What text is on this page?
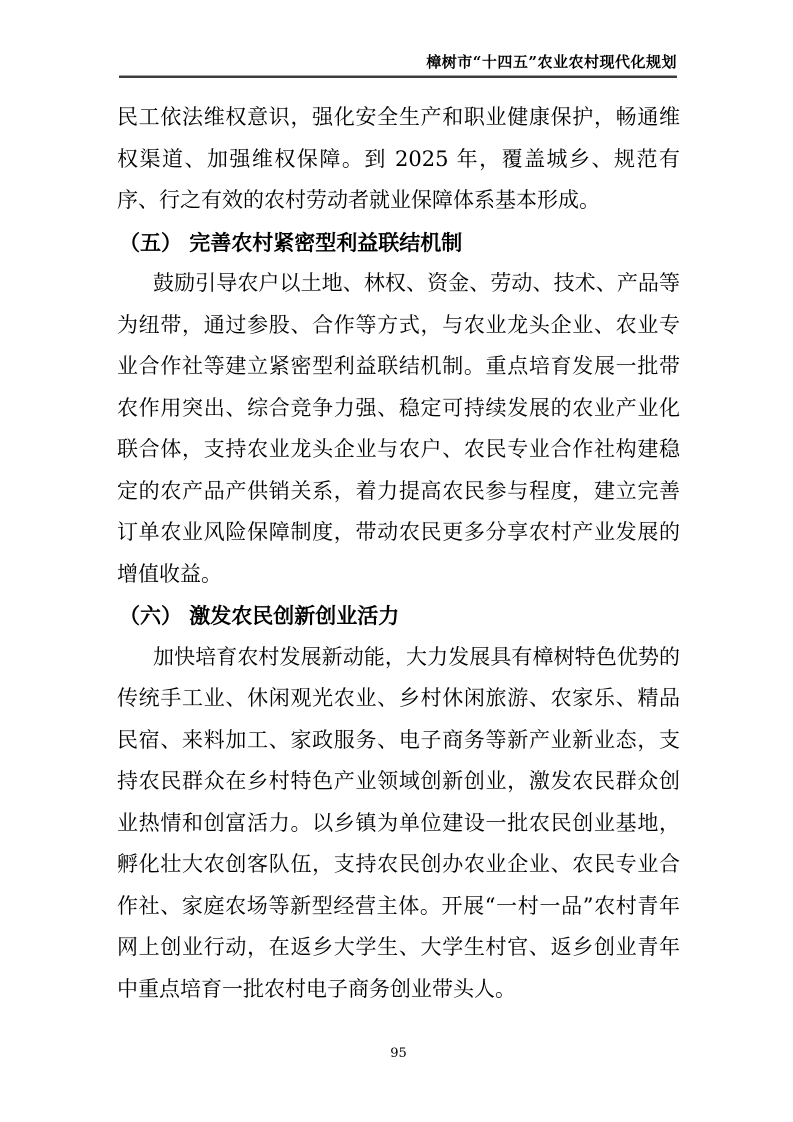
樟树市“十四五”农业农村现代化规划

民工依法维权意识，强化安全生产和职业健康保护，畅通维权渠道、加强维权保障。到 2025 年，覆盖城乡、规范有序、行之有效的农村劳动者就业保障体系基本形成。

（五） 完善农村紧密型利益联结机制

鼓励引导农户以土地、林权、资金、劳动、技术、产品等为纽带，通过参股、合作等方式，与农业龙头企业、农业专业合作社等建立紧密型利益联结机制。重点培育发展一批带农作用突出、综合竞争力强、稳定可持续发展的农业产业化联合体，支持农业龙头企业与农户、农民专业合作社构建稳定的农产品产供销关系，着力提高农民参与程度，建立完善订单农业风险保障制度，带动农民更多分享农村产业发展的增值收益。

（六） 激发农民创新创业活力

加快培育农村发展新动能，大力发展具有樟树特色优势的传统手工业、休闲观光农业、乡村休闲旅游、农家乐、精品民宿、来料加工、家政服务、电子商务等新产业新业态，支持农民群众在乡村特色产业领域创新创业，激发农民群众创业热情和创富活力。以乡镇为单位建设一批农民创业基地，孵化壮大农创客队伍，支持农民创办农业企业、农民专业合作社、家庭农场等新型经营主体。开展“一村一品”农村青年网上创业行动，在返乡大学生、大学生村官、返乡创业青年中重点培育一批农村电子商务创业带头人。

95
